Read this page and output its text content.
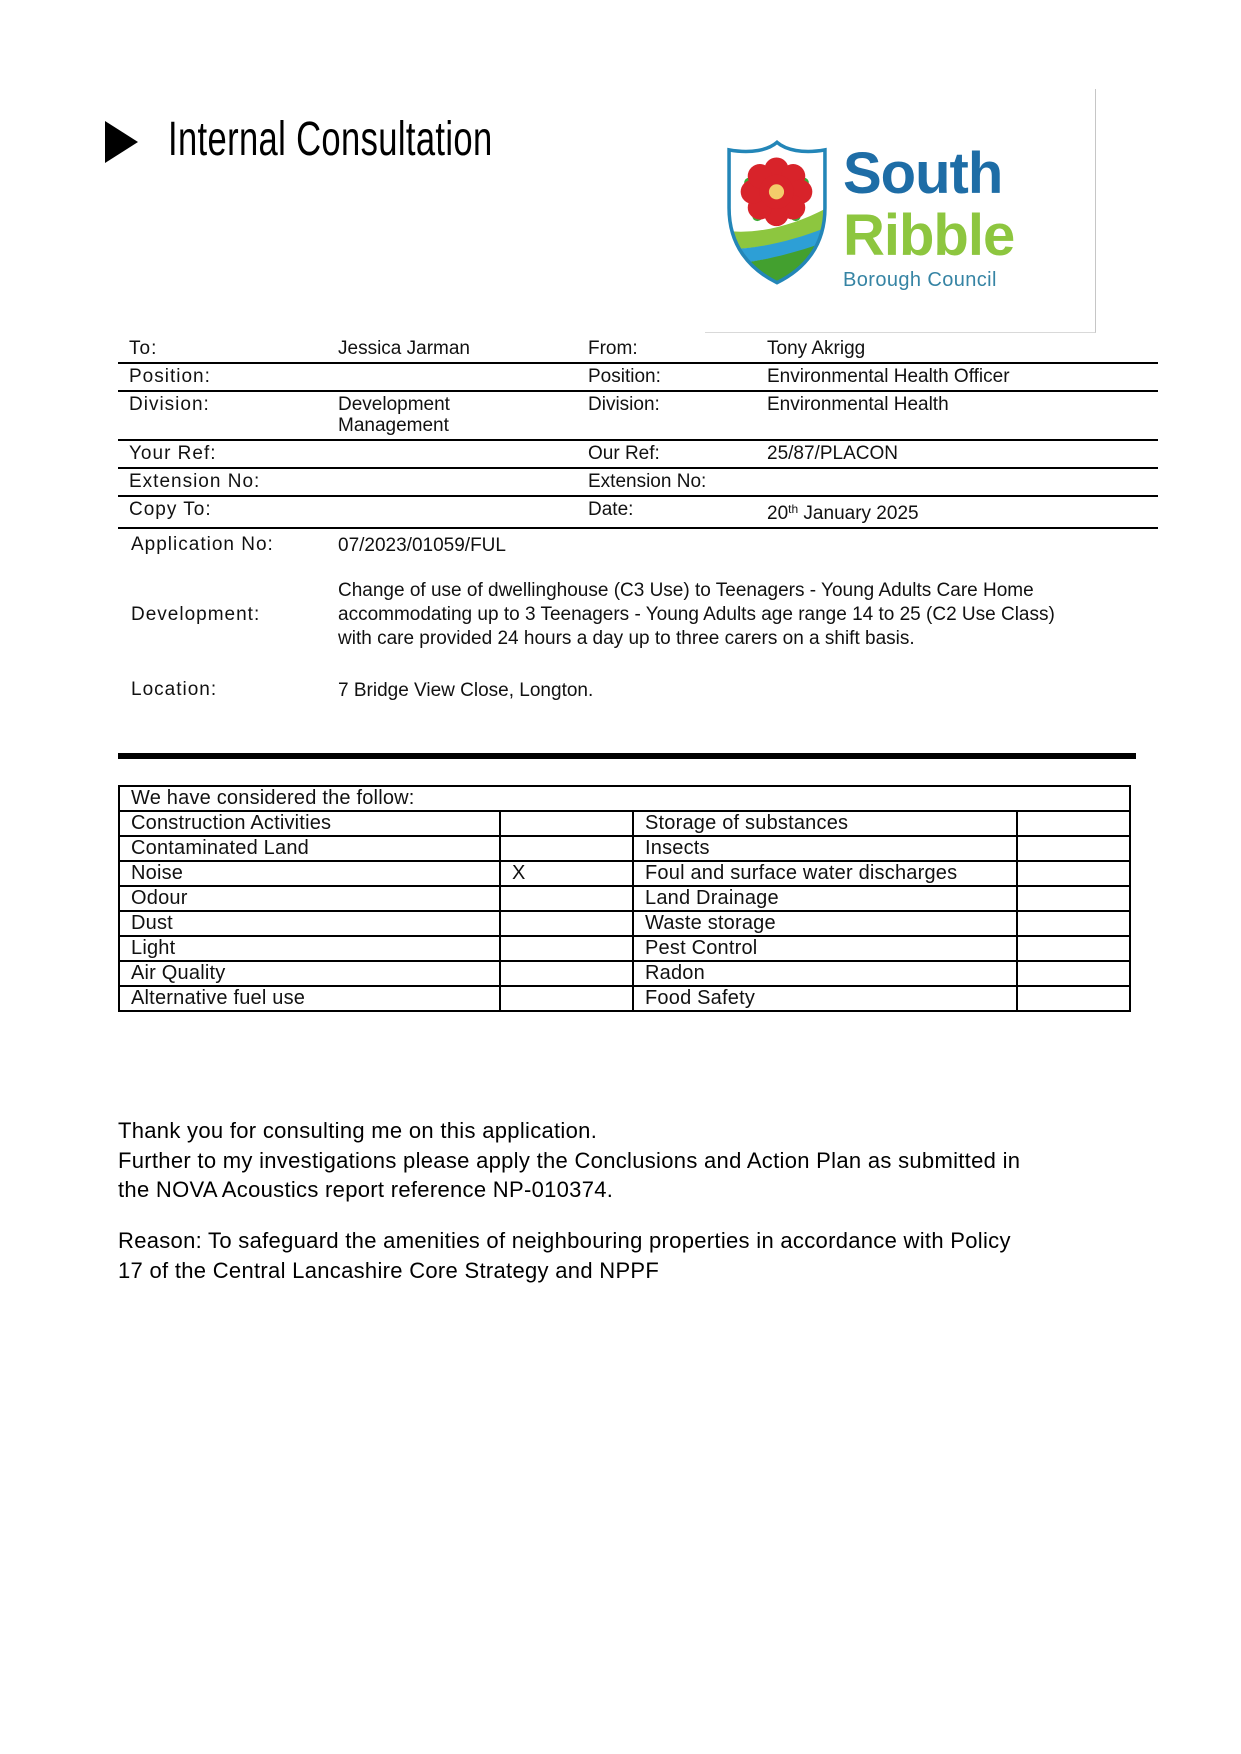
Internal Consultation
South
Ribble
Borough Council
To:	Jessica Jarman	From:	Tony Akrigg
Position:		Position:	Environmental Health Officer
Division:	Development Management	Division:	Environmental Health
Your Ref:		Our Ref:	25/87/PLACON
Extension No:		Extension No:	
Copy To:		Date:	20th January 2025
Application No:	07/2023/01059/FUL
Development:
Change of use of dwellinghouse (C3 Use) to Teenagers - Young Adults Care Home
accommodating up to 3 Teenagers - Young Adults age range 14 to 25 (C2 Use Class)
with care provided 24 hours a day up to three carers on a shift basis.
Location:	7 Bridge View Close, Longton.
We have considered the follow:			
Construction Activities		Storage of substances	
Contaminated Land		Insects	
Noise	X	Foul and surface water discharges	
Odour		Land Drainage	
Dust		Waste storage	
Light		Pest Control	
Air Quality		Radon	
Alternative fuel use		Food Safety	
Thank you for consulting me on this application.
Further to my investigations please apply the Conclusions and Action Plan as submitted in
the NOVA Acoustics report reference NP-010374.
Reason: To safeguard the amenities of neighbouring properties in accordance with Policy
17 of the Central Lancashire Core Strategy and NPPF
